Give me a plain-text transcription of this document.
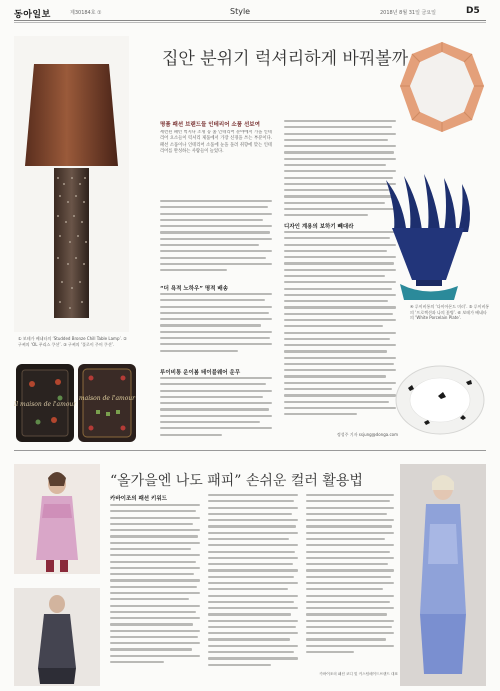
동아일보	제30184호 ①	Style	2018년 8월 31일 금요일	D5
집안 분위기 럭셔리하게 바꿔볼까
① 보테가 베네타의 ‘Studded Bronze Chill Table Lamp’. ② 구찌의 ‘OL 푸리스 쿠션’. ③ 구찌의 ‘폴로이 주머 쿠션’.
Il maison de l'amour
maison de l'amour
명품 패션 브랜드들 인테리어 소품 선보여
세련된 패턴 벽지나 조명 등 홈 인테리어 분야에서 가을 인테리어 요소들이 럭셔리 제품에서 가장 신경을 쓰는 부분이다. 패션 소품이나 인테리어 소품에 눈을 돌려 취향에 맞는 인테리어를 완성하는 사람들이 늘었다.
“더 욕적 노하우” 명적 배송
루이비통 운이봄 테이블웨어 운무
디자인 계용의 보하기 빼대라
정성주 기자 ssjung@donga.com
④ 루이비통의 ‘다이아몬드 미러’. ⑤ 루이비통의 ‘프로젝션과 나의 꽃병’. ⑥ 보테가 베네타의 ‘White Porcelain Plate’.
“올가을엔 나도 패피” 손쉬운 컬러 활용법
카바이조의 패션 키워드
카바이조의 패션 코디 및 커스텀메이드브랜드 대표
